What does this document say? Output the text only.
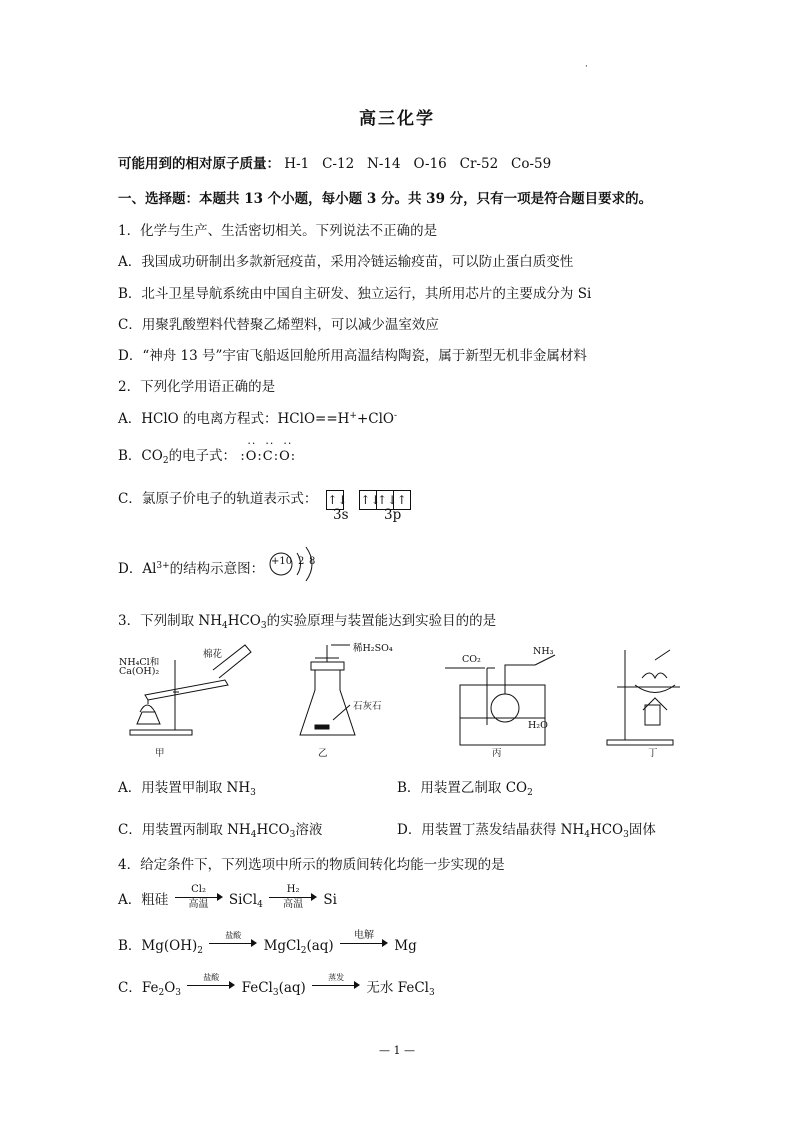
·
高三化学
可能用到的相对原子质量： H-1   C-12   N-14   O-16   Cr-52   Co-59
一、选择题：本题共 13 个小题，每小题 3 分。共 39 分，只有一项是符合题目要求的。
1．化学与生产、生活密切相关。下列说法不正确的是
A．我国成功研制出多款新冠疫苗，采用冷链运输疫苗，可以防止蛋白质变性
B．北斗卫星导航系统由中国自主研发、独立运行，其所用芯片的主要成分为 Si
C．用聚乳酸塑料代替聚乙烯塑料，可以减少温室效应
D．“神舟 13 号”宇宙飞船返回舱所用高温结构陶瓷，属于新型无机非金属材料
2．下列化学用语正确的是
A．HClO 的电离方程式：HClO==H++ClO-
B．$CO_2$的电子式： :O:C:O:
··  ··  ··
C．氯原子价电子的轨道表示式： ↑↓ ↑↓↑↓↑
3s	3p
D．$Al^{3+}$的结构示意图： +10 2 8
3．下列制取 $NH_4HCO_3$的实验原理与装置能达到实验目的的是
NH₄Cl和
Ca(OH)₂
棉花
稀H₂SO₄
石灰石
CO₂
NH₃
H₂O
甲	乙	丙	丁
A．用装置甲制取 $NH_3$	B．用装置乙制取 $CO_2$
C．用装置丙制取 $NH_4HCO_3$溶液	D．用装置丁蒸发结晶获得 $NH_4HCO_3$固体
4．给定条件下，下列选项中所示的物质间转化均能一步实现的是
A．粗硅
Cl₂
高温	SiCl$_4$
H₂
高温	Si
B．$Mg(OH)_2$
盐酸
MgCl$_2$(aq)
电解
Mg
C．$Fe_2O_3$
盐酸
FeCl$_3$(aq)
蒸发
无水 FeCl$_3$
— 1 —
